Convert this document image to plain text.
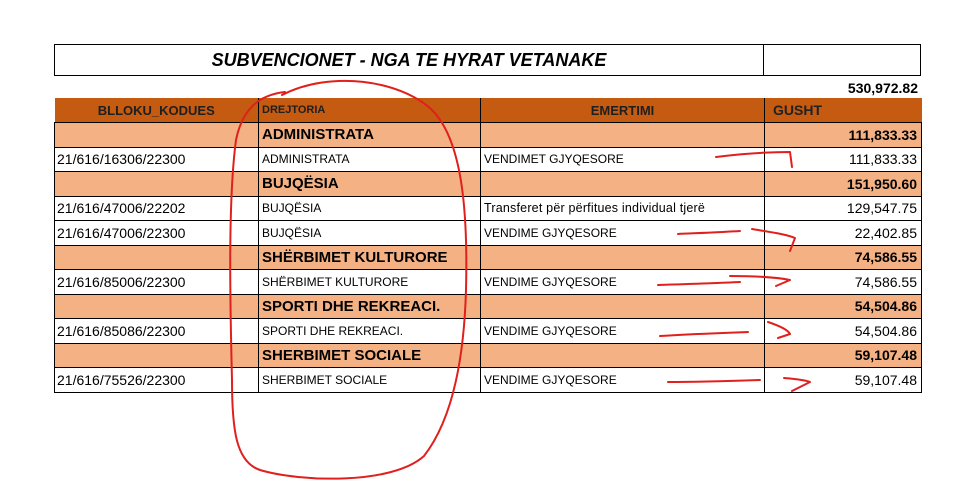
SUBVENCIONET - NGA TE HYRAT VETANAKE
530,972.82
BLLOKU_KODUES	DREJTORIA	EMERTIMI	GUSHT
	ADMINISTRATA		111,833.33
21/616/16306/22300	ADMINISTRATA	VENDIMET GJYQESORE	111,833.33
	BUJQËSIA		151,950.60
21/616/47006/22202	BUJQËSIA	Transferet për përfitues individual tjerë	129,547.75
21/616/47006/22300	BUJQËSIA	VENDIME GJYQESORE	22,402.85
	SHËRBIMET KULTURORE		74,586.55
21/616/85006/22300	SHËRBIMET KULTURORE	VENDIME GJYQESORE	74,586.55
	SPORTI DHE REKREACI.		54,504.86
21/616/85086/22300	SPORTI DHE REKREACI.	VENDIME GJYQESORE	54,504.86
	SHERBIMET SOCIALE		59,107.48
21/616/75526/22300	SHERBIMET SOCIALE	VENDIME GJYQESORE	59,107.48
